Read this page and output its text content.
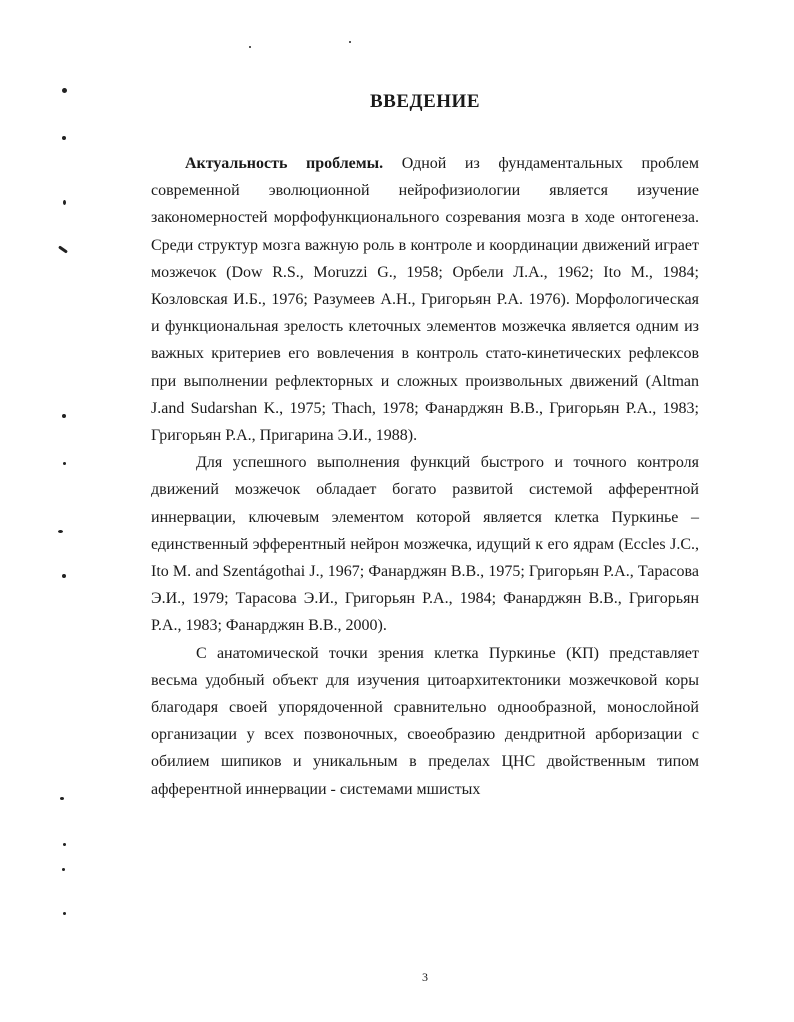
ВВЕДЕНИЕ

Актуальность проблемы. Одной из фундаментальных проблем современной эволюционной нейрофизиологии является изучение закономерностей морфофункционального созревания мозга в ходе онтогенеза. Среди структур мозга важную роль в контроле и координации движений играет мозжечок (Dow R.S., Moruzzi G., 1958; Орбели Л.А., 1962; Ito M., 1984; Козловская И.Б., 1976; Разумеев А.Н., Григорьян Р.А. 1976). Морфологическая и функциональная зрелость клеточных элементов мозжечка является одним из важных критериев его вовлечения в контроль стато-кинетических рефлексов при выполнении рефлекторных и сложных произвольных движений (Altman J.and Sudarshan K., 1975; Thach, 1978; Фанарджян В.В., Григорьян Р.А., 1983; Григорьян Р.А., Пригарина Э.И., 1988).

Для успешного выполнения функций быстрого и точного контроля движений мозжечок обладает богато развитой системой афферентной иннервации, ключевым элементом которой является клетка Пуркинье – единственный эфферентный нейрон мозжечка, идущий к его ядрам (Eccles J.C., Ito M. and Szentágothai J., 1967; Фанарджян В.В., 1975; Григорьян Р.А., Тарасова Э.И., 1979; Тарасова Э.И., Григорьян Р.А., 1984; Фанарджян В.В., Григорьян Р.А., 1983; Фанарджян В.В., 2000).

С анатомической точки зрения клетка Пуркинье (КП) представляет весьма удобный объект для изучения цитоархитектоники мозжечковой коры благодаря своей упорядоченной сравнительно однообразной, монослойной организации у всех позвоночных, своеобразию дендритной арборизации с обилием шипиков и уникальным в пределах ЦНС двойственным типом афферентной иннервации - системами мшистых

3
